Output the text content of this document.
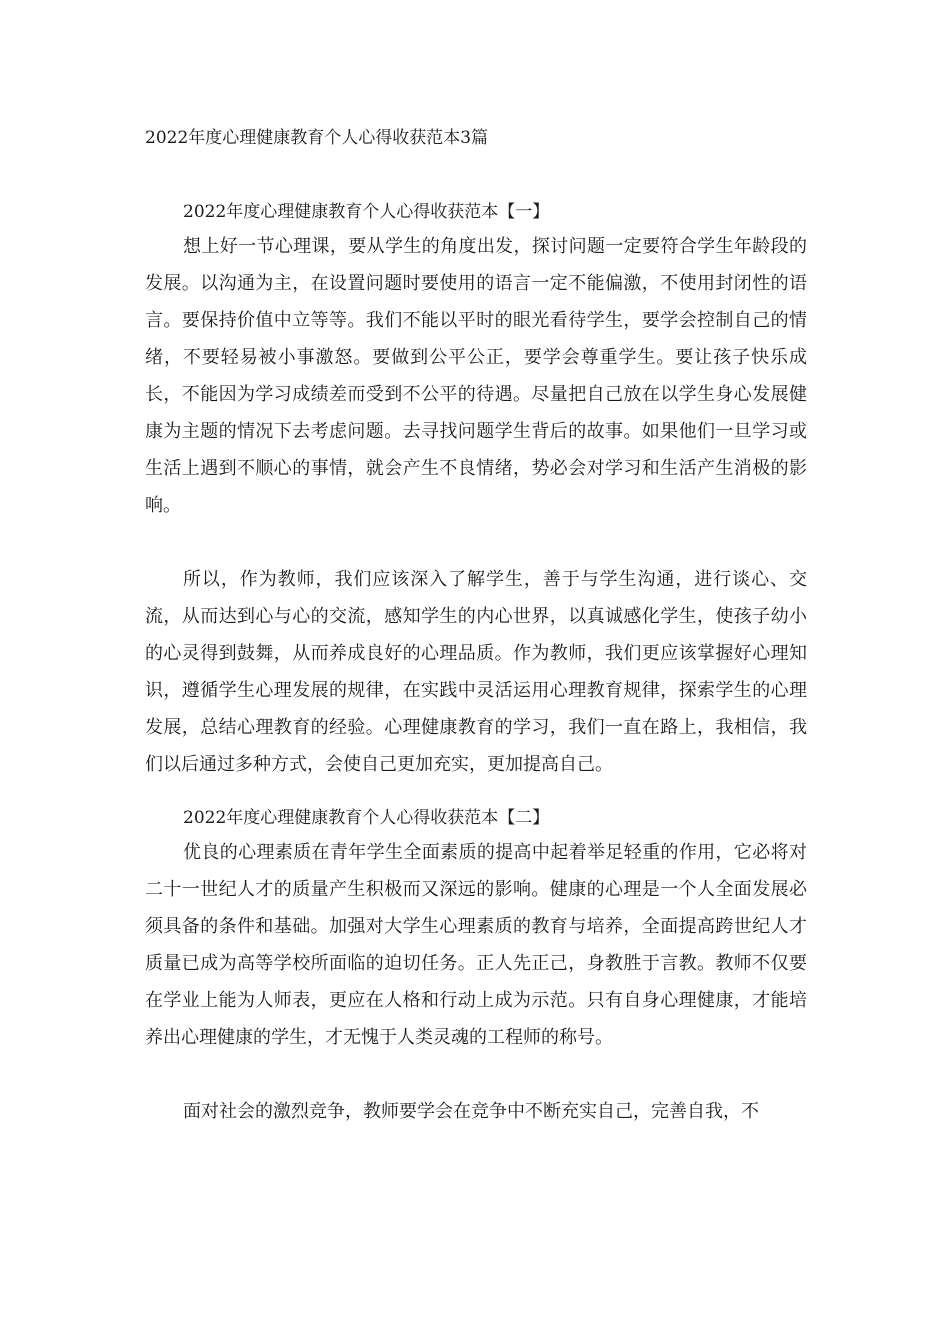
2022年度心理健康教育个人心得收获范本3篇
2022年度心理健康教育个人心得收获范本【一】

想上好一节心理课，要从学生的角度出发，探讨问题一定要符合学生年龄段的发展。以沟通为主，在设置问题时要使用的语言一定不能偏激，不使用封闭性的语言。要保持价值中立等等。我们不能以平时的眼光看待学生，要学会控制自己的情绪，不要轻易被小事激怒。要做到公平公正，要学会尊重学生。要让孩子快乐成长，不能因为学习成绩差而受到不公平的待遇。尽量把自己放在以学生身心发展健康为主题的情况下去考虑问题。去寻找问题学生背后的故事。如果他们一旦学习或生活上遇到不顺心的事情，就会产生不良情绪，势必会对学习和生活产生消极的影响。

所以，作为教师，我们应该深入了解学生，善于与学生沟通，进行谈心、交流，从而达到心与心的交流，感知学生的内心世界，以真诚感化学生，使孩子幼小的心灵得到鼓舞，从而养成良好的心理品质。作为教师，我们更应该掌握好心理知识，遵循学生心理发展的规律，在实践中灵活运用心理教育规律，探索学生的心理发展，总结心理教育的经验。心理健康教育的学习，我们一直在路上，我相信，我们以后通过多种方式，会使自己更加充实，更加提高自己。

2022年度心理健康教育个人心得收获范本【二】

优良的心理素质在青年学生全面素质的提高中起着举足轻重的作用，它必将对二十一世纪人才的质量产生积极而又深远的影响。健康的心理是一个人全面发展必须具备的条件和基础。加强对大学生心理素质的教育与培养，全面提高跨世纪人才质量已成为高等学校所面临的迫切任务。正人先正己，身教胜于言教。教师不仅要在学业上能为人师表，更应在人格和行动上成为示范。只有自身心理健康，才能培养出心理健康的学生，才无愧于人类灵魂的工程师的称号。

面对社会的激烈竞争，教师要学会在竞争中不断充实自己，完善自我，不
